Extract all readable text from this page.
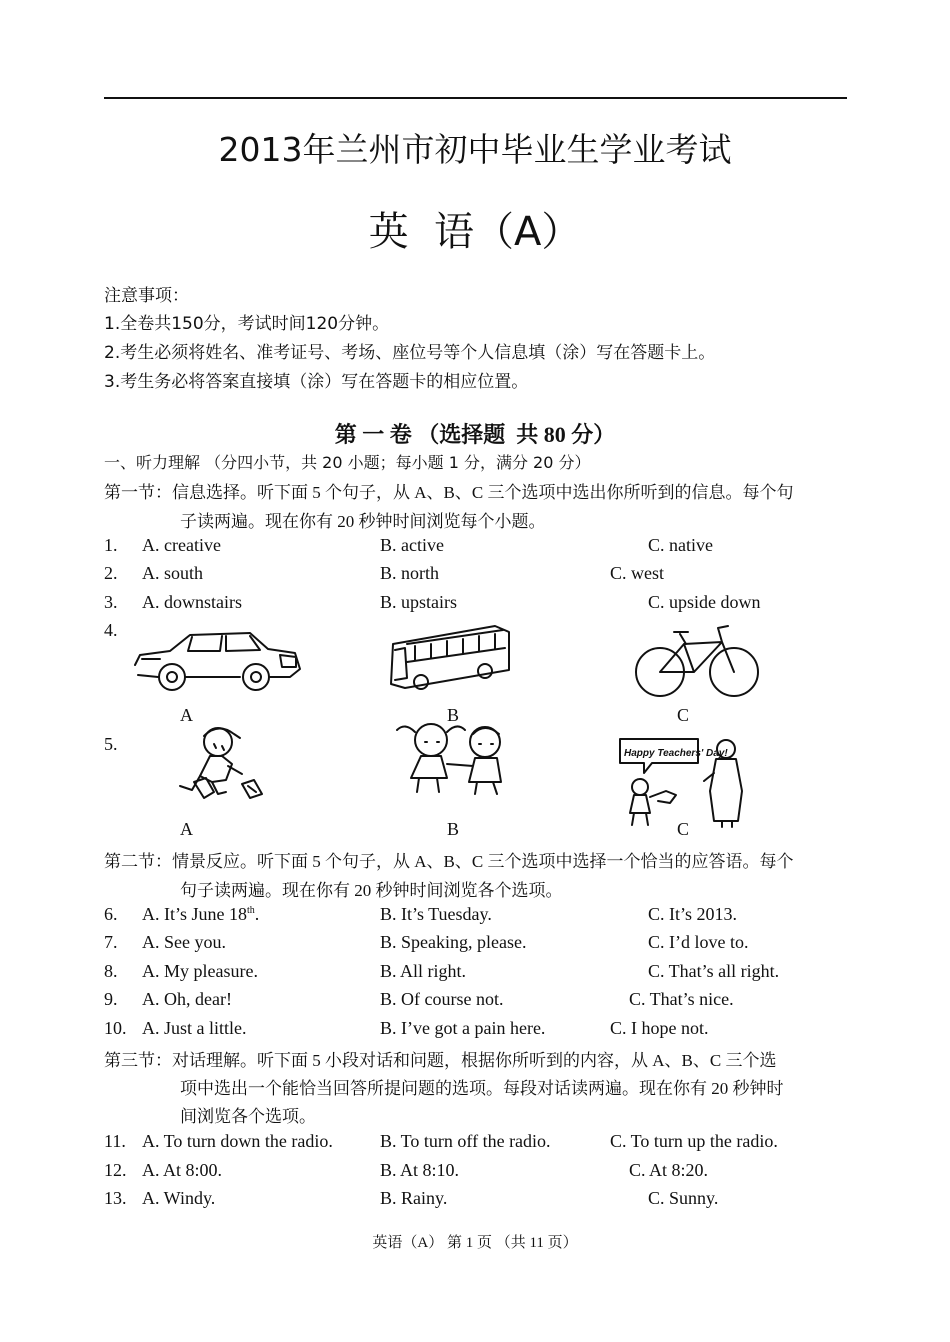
2013年兰州市初中毕业生学业考试
英  语（A）
注意事项：
1.全卷共150分，考试时间120分钟。
2.考生必须将姓名、准考证号、考场、座位号等个人信息填（涂）写在答题卡上。
3.考生务必将答案直接填（涂）写在答题卡的相应位置。
第 一 卷 （选择题  共 80 分）
一、听力理解 （分四小节，共 20 小题；每小题 1 分，满分 20 分）
第一节：信息选择。听下面 5 个句子，从 A、B、C 三个选项中选出你所听到的信息。每个句
子读两遍。现在你有 20 秒钟时间浏览每个小题。
1. A. creative	B. active	C. native
2. A. south	B. north	C. west
3. A. downstairs	B. upstairs	C. upside down
4.
A	B	C
5.	Happy Teachers' Day!
A	B	C
第二节：情景反应。听下面 5 个句子，从 A、B、C 三个选项中选择一个恰当的应答语。每个
句子读两遍。现在你有 20 秒钟时间浏览各个选项。
6. A. It’s June 18th.	B. It’s Tuesday.	C. It’s 2013.
7. A. See you.	B. Speaking, please.	C. I’d love to.
8. A. My pleasure.	B. All right.	C. That’s all right.
9. A. Oh, dear!	B. Of course not.	C. That’s nice.
10. A. Just a little.	B. I’ve got a pain here.	C. I hope not.
第三节：对话理解。听下面 5 小段对话和问题，根据你所听到的内容，从 A、B、C 三个选
项中选出一个能恰当回答所提问题的选项。每段对话读两遍。现在你有 20 秒钟时
间浏览各个选项。
11. A. To turn down the radio.	B. To turn off the radio.	C. To turn up the radio.
12. A. At 8:00.	B. At 8:10.	C. At 8:20.
13. A. Windy.	B. Rainy.	C. Sunny.
英语（A） 第 1 页 （共 11 页）
